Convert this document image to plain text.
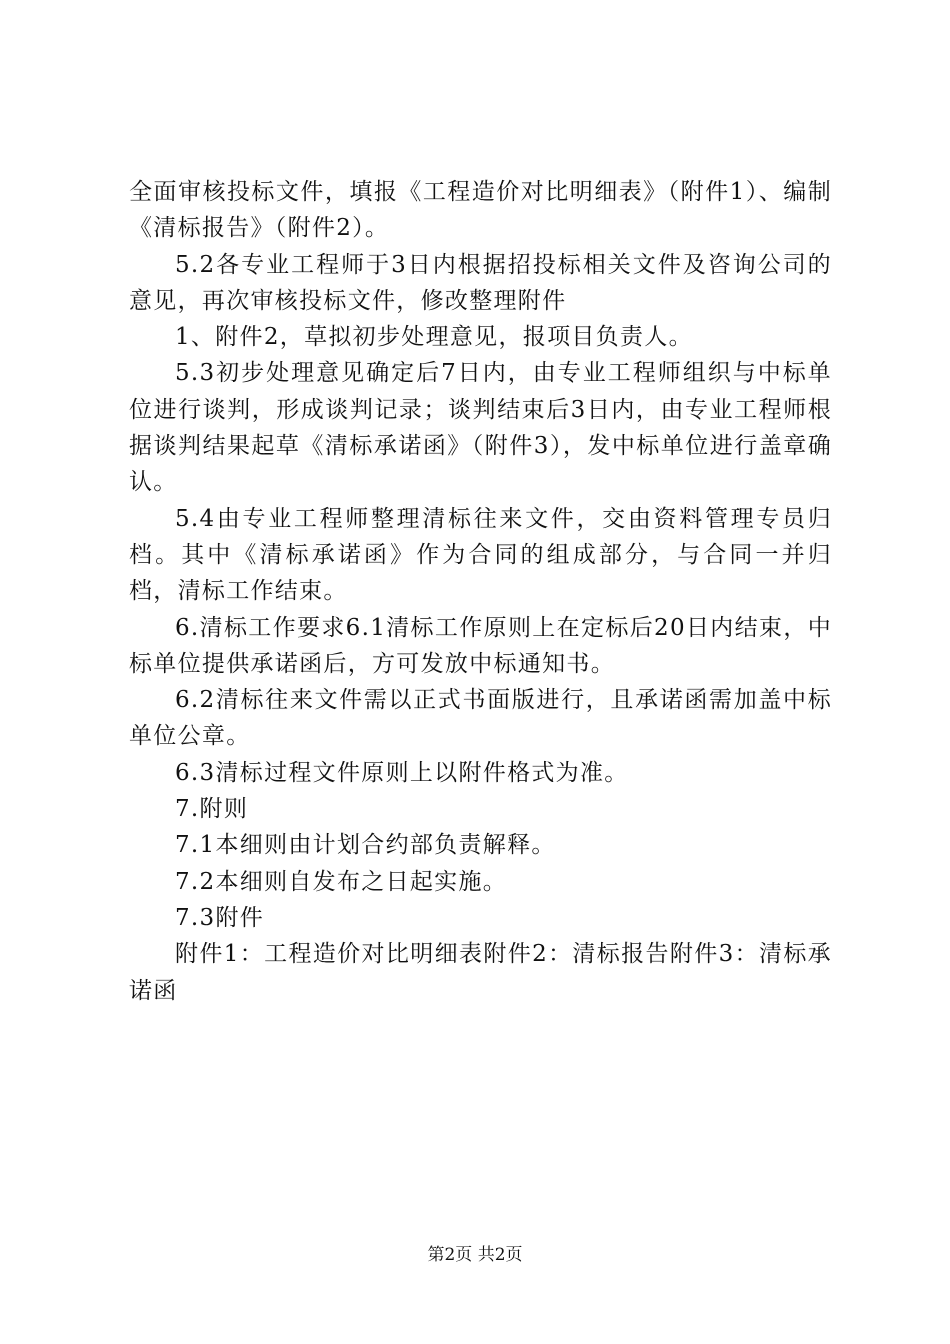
全面审核投标文件，填报《工程造价对比明细表》（附件1）、编制《清标报告》（附件2）。

5.2各专业工程师于3日内根据招投标相关文件及咨询公司的意见，再次审核投标文件，修改整理附件

1、附件2，草拟初步处理意见，报项目负责人。

5.3初步处理意见确定后7日内，由专业工程师组织与中标单位进行谈判，形成谈判记录；谈判结束后3日内，由专业工程师根据谈判结果起草《清标承诺函》（附件3），发中标单位进行盖章确认。

5.4由专业工程师整理清标往来文件，交由资料管理专员归档。其中《清标承诺函》作为合同的组成部分，与合同一并归档，清标工作结束。

6.清标工作要求6.1清标工作原则上在定标后20日内结束，中标单位提供承诺函后，方可发放中标通知书。

6.2清标往来文件需以正式书面版进行，且承诺函需加盖中标单位公章。

6.3清标过程文件原则上以附件格式为准。

7.附则

7.1本细则由计划合约部负责解释。

7.2本细则自发布之日起实施。

7.3附件

附件1：工程造价对比明细表附件2：清标报告附件3：清标承诺函

第2页 共2页
